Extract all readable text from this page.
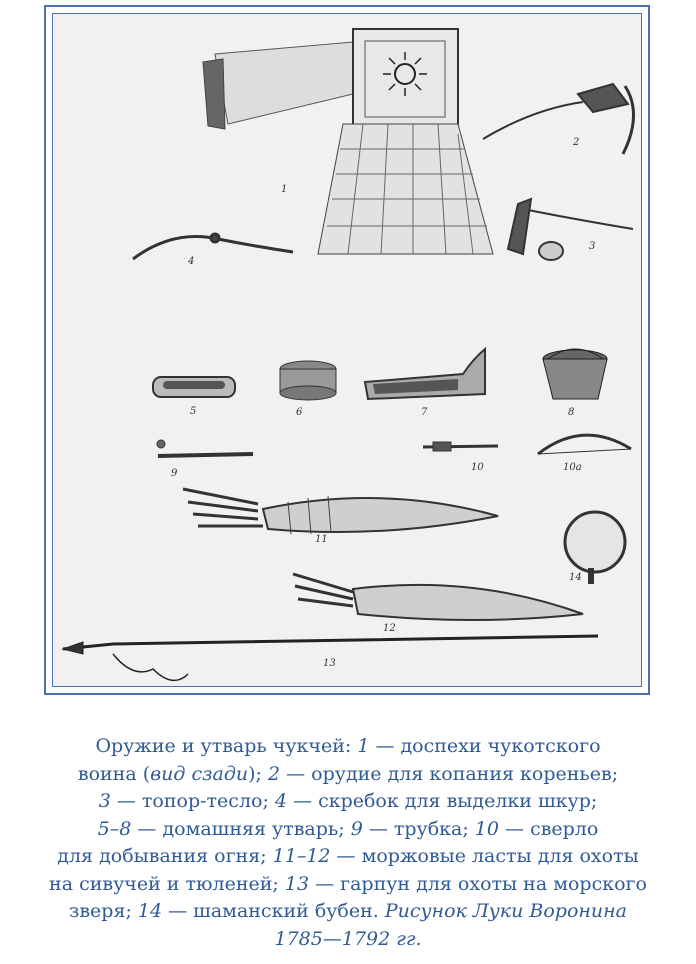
1
2
3
4
5	6	7	8
9
10	10а
11
12
13
14
Оружие и утварь чукчей: 1 — доспехи чукотского
воина (вид сзади); 2 — орудие для копания кореньев;
3 — топор-тесло; 4 — скребок для выделки шкур;
5–8 — домашняя утварь; 9 — трубка; 10 — сверло
для добывания огня; 11–12 — моржовые ласты для охоты
на сивучей и тюленей; 13 — гарпун для охоты на морского
зверя; 14 — шаманский бубен. Рисунок Луки Воронина
1785—1792 гг.
